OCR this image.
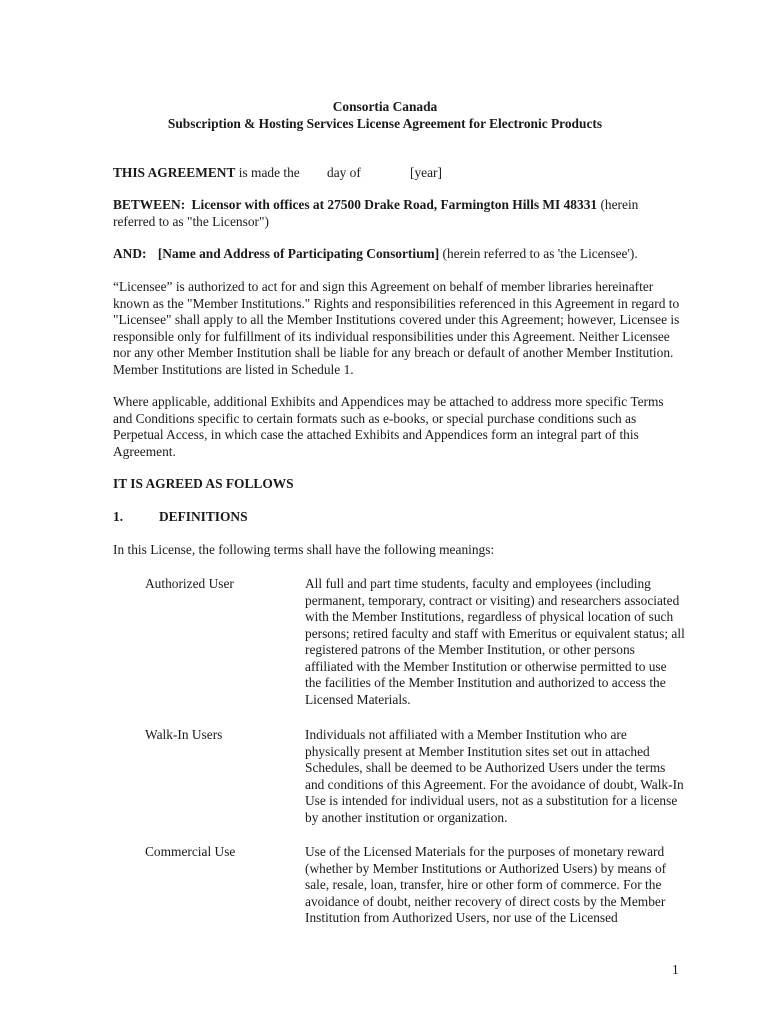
Consortia Canada
Subscription & Hosting Services License Agreement for Electronic Products
THIS AGREEMENT is made the day of	[year]
BETWEEN: Licensor with offices at 27500 Drake Road, Farmington Hills MI 48331 (herein referred to as "the Licensor")
AND: [Name and Address of Participating Consortium] (herein referred to as 'the Licensee').
“Licensee” is authorized to act for and sign this Agreement on behalf of member libraries hereinafter known as the "Member Institutions." Rights and responsibilities referenced in this Agreement in regard to "Licensee" shall apply to all the Member Institutions covered under this Agreement; however, Licensee is responsible only for fulfillment of its individual responsibilities under this Agreement. Neither Licensee nor any other Member Institution shall be liable for any breach or default of another Member Institution. Member Institutions are listed in Schedule 1.
Where applicable, additional Exhibits and Appendices may be attached to address more specific Terms and Conditions specific to certain formats such as e-books, or special purchase conditions such as Perpetual Access, in which case the attached Exhibits and Appendices form an integral part of this Agreement.
IT IS AGREED AS FOLLOWS
1.	DEFINITIONS
In this License, the following terms shall have the following meanings:
Authorized User	All full and part time students, faculty and employees (including permanent, temporary, contract or visiting) and researchers associated with the Member Institutions, regardless of physical location of such persons; retired faculty and staff with Emeritus or equivalent status; all registered patrons of the Member Institution, or other persons affiliated with the Member Institution or otherwise permitted to use the facilities of the Member Institution and authorized to access the Licensed Materials.
Walk-In Users	Individuals not affiliated with a Member Institution who are physically present at Member Institution sites set out in attached Schedules, shall be deemed to be Authorized Users under the terms and conditions of this Agreement. For the avoidance of doubt, Walk-In Use is intended for individual users, not as a substitution for a license by another institution or organization.
Commercial Use	Use of the Licensed Materials for the purposes of monetary reward (whether by Member Institutions or Authorized Users) by means of sale, resale, loan, transfer, hire or other form of commerce. For the avoidance of doubt, neither recovery of direct costs by the Member Institution from Authorized Users, nor use of the Licensed
1
